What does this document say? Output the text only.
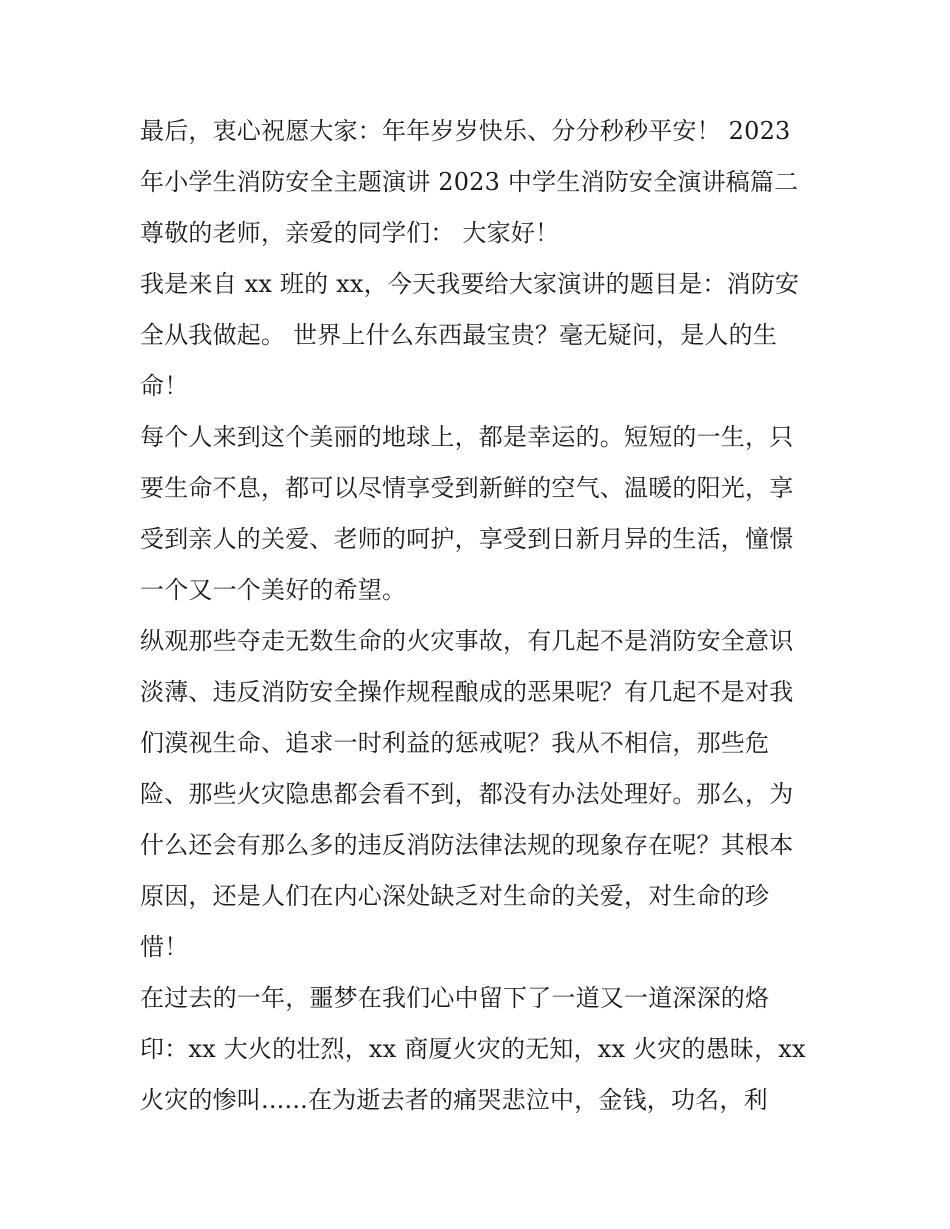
最后，衷心祝愿大家：年年岁岁快乐、分分秒秒平安！ 2023
年小学生消防安全主题演讲 2023 中学生消防安全演讲稿篇二
尊敬的老师，亲爱的同学们： 大家好！
我是来自 xx 班的 xx，今天我要给大家演讲的题目是：消防安
全从我做起。 世界上什么东西最宝贵？毫无疑问，是人的生
命！
每个人来到这个美丽的地球上，都是幸运的。短短的一生，只
要生命不息，都可以尽情享受到新鲜的空气、温暖的阳光，享
受到亲人的关爱、老师的呵护，享受到日新月异的生活，憧憬
一个又一个美好的希望。
纵观那些夺走无数生命的火灾事故，有几起不是消防安全意识
淡薄、违反消防安全操作规程酿成的恶果呢？有几起不是对我
们漠视生命、追求一时利益的惩戒呢？我从不相信，那些危
险、那些火灾隐患都会看不到，都没有办法处理好。那么，为
什么还会有那么多的违反消防法律法规的现象存在呢？其根本
原因，还是人们在内心深处缺乏对生命的关爱，对生命的珍
惜！
在过去的一年，噩梦在我们心中留下了一道又一道深深的烙
印：xx 大火的壮烈，xx 商厦火灾的无知，xx 火灾的愚昧，xx
火灾的惨叫......在为逝去者的痛哭悲泣中，金钱，功名，利
